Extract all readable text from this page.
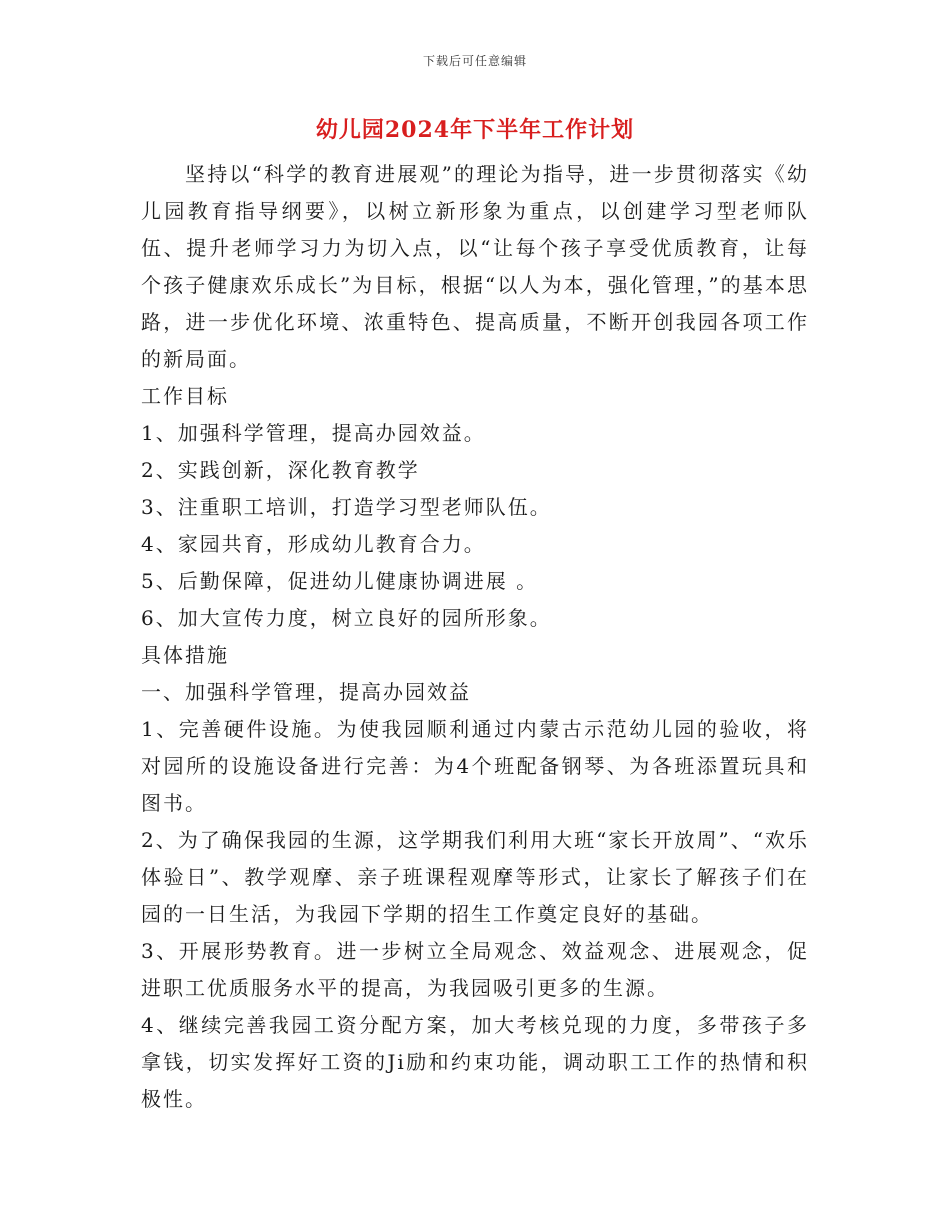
下载后可任意编辑
幼儿园2024年下半年工作计划

坚持以“科学的教育进展观”的理论为指导，进一步贯彻落实《幼儿园教育指导纲要》，以树立新形象为重点，以创建学习型老师队伍、提升老师学习力为切入点，以“让每个孩子享受优质教育，让每个孩子健康欢乐成长”为目标，根据“以人为本，强化管理，”的基本思路，进一步优化环境、浓重特色、提高质量，不断开创我园各项工作的新局面。

工作目标

1、加强科学管理，提高办园效益。

2、实践创新，深化教育教学

3、注重职工培训，打造学习型老师队伍。

4、家园共育，形成幼儿教育合力。

5、后勤保障，促进幼儿健康协调进展 。

6、加大宣传力度，树立良好的园所形象。

具体措施

一、加强科学管理，提高办园效益

1、完善硬件设施。为使我园顺利通过内蒙古示范幼儿园的验收，将对园所的设施设备进行完善：为4个班配备钢琴、为各班添置玩具和图书。

2、为了确保我园的生源，这学期我们利用大班“家长开放周”、“欢乐体验日”、教学观摩、亲子班课程观摩等形式，让家长了解孩子们在园的一日生活，为我园下学期的招生工作奠定良好的基础。

3、开展形势教育。进一步树立全局观念、效益观念、进展观念，促进职工优质服务水平的提高，为我园吸引更多的生源。

4、继续完善我园工资分配方案，加大考核兑现的力度，多带孩子多拿钱，切实发挥好工资的Ji励和约束功能，调动职工工作的热情和积极性。
